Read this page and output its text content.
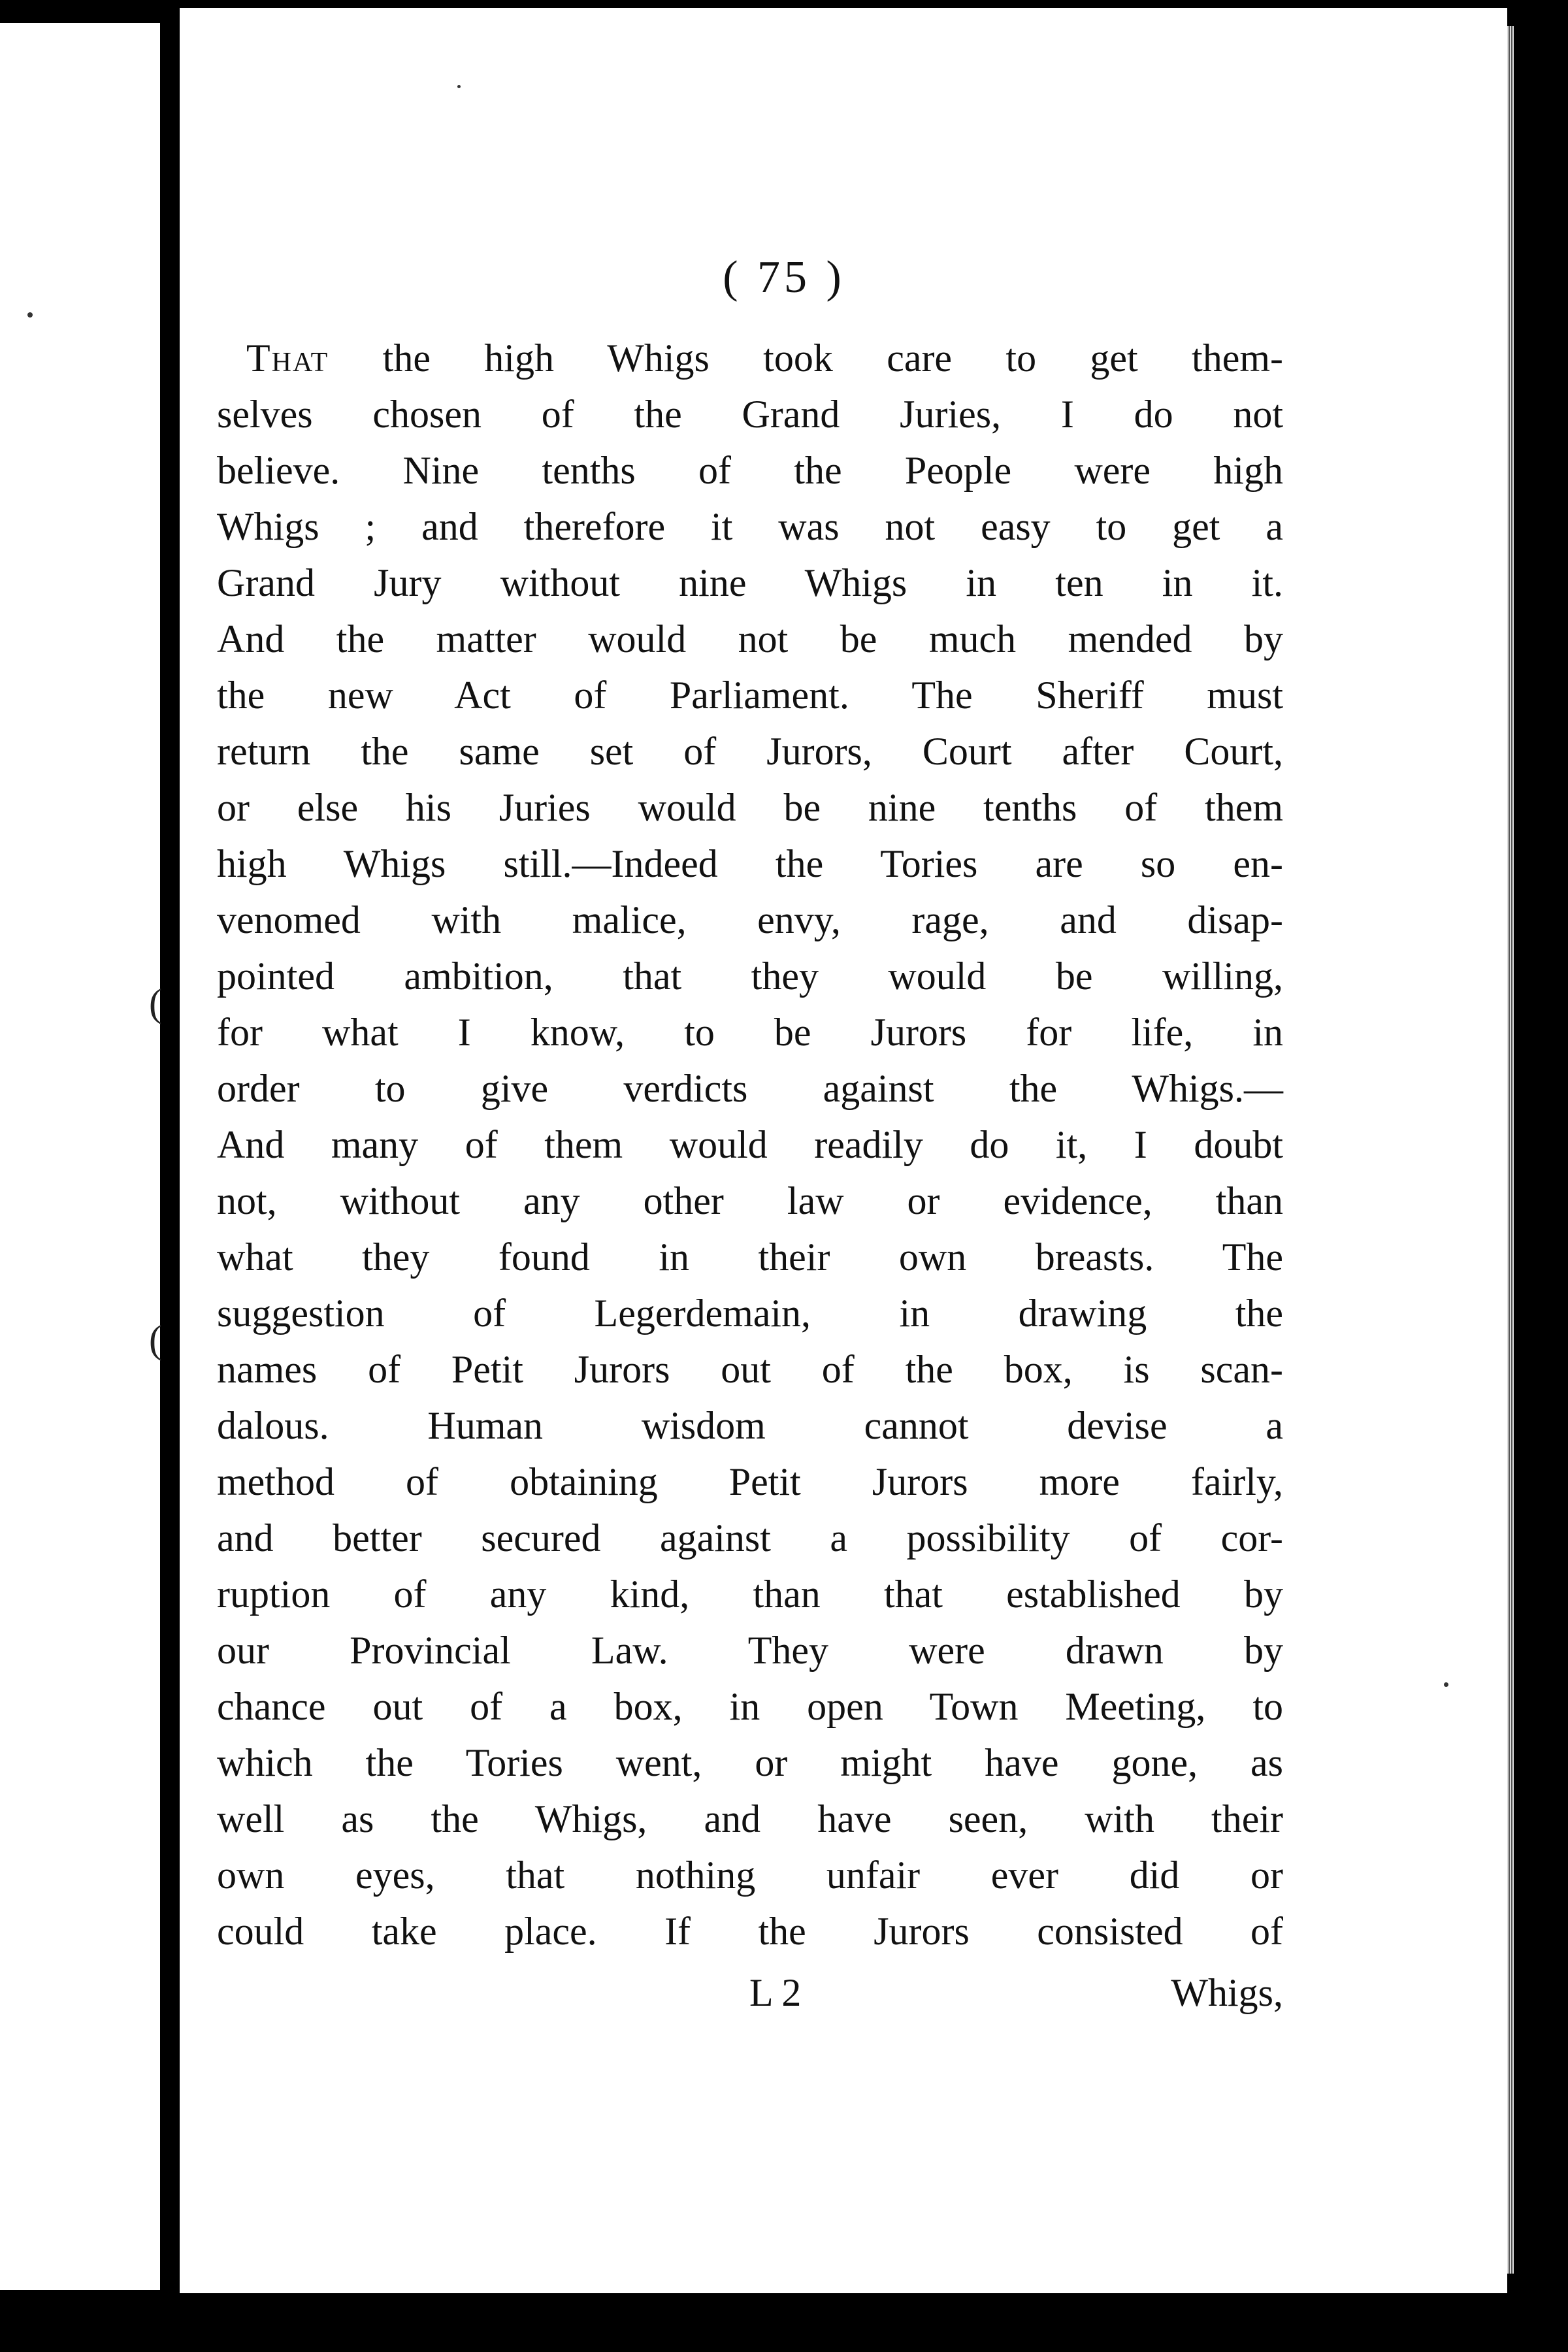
(
(
( 75 )
That the high Whigs took care to get them-
selves chosen of the Grand Juries, I do not
believe. Nine tenths of the People were high
Whigs ; and therefore it was not easy to get a
Grand Jury without nine Whigs in ten in it.
And the matter would not be much mended by
the new Act of Parliament. The Sheriff must
return the same set of Jurors, Court after Court,
or else his Juries would be nine tenths of them
high Whigs still.—Indeed the Tories are so en-
venomed with malice, envy, rage, and disap-
pointed ambition, that they would be willing,
for what I know, to be Jurors for life, in
order to give verdicts against the Whigs.—
And many of them would readily do it, I doubt
not, without any other law or evidence, than
what they found in their own breasts. The
suggestion of Legerdemain, in drawing the
names of Petit Jurors out of the box, is scan-
dalous. Human wisdom cannot devise a
method of obtaining Petit Jurors more fairly,
and better secured against a possibility of cor-
ruption of any kind, than that established by
our Provincial Law. They were drawn by
chance out of a box, in open Town Meeting, to
which the Tories went, or might have gone, as
well as the Whigs, and have seen, with their
own eyes, that nothing unfair ever did or
could take place. If the Jurors consisted of
L 2	Whigs,
